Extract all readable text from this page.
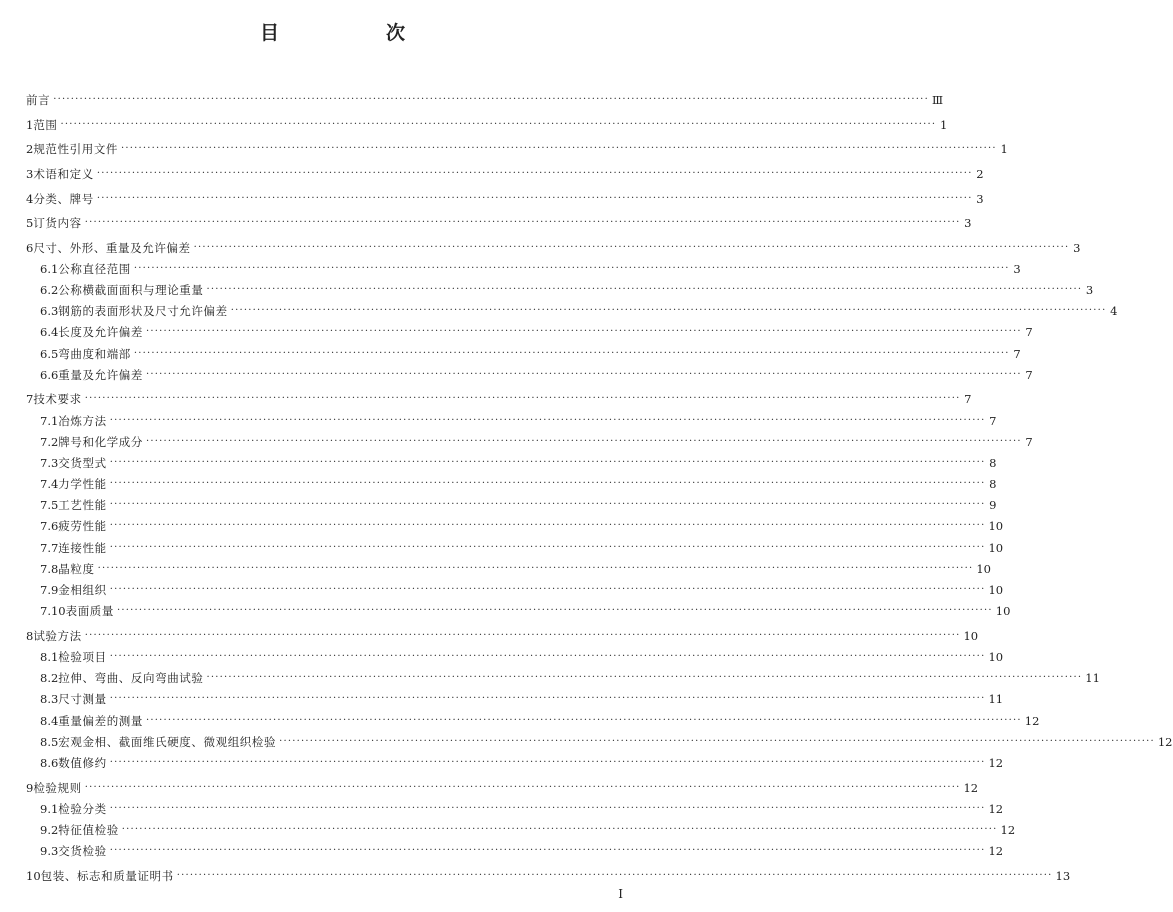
目　次
前言 ········································································································································································································ Ⅲ
1 范围 ········································································································································································································ 1
2 规范性引用文件 ········································································································································································································ 1
3 术语和定义 ········································································································································································································ 2
4 分类、牌号 ········································································································································································································ 3
5 订货内容 ········································································································································································································ 3
6 尺寸、外形、重量及允许偏差 ········································································································································································································ 3
6.1 公称直径范围 ········································································································································································································ 3
6.2 公称横截面面积与理论重量 ········································································································································································································ 3
6.3 钢筋的表面形状及尺寸允许偏差 ········································································································································································································ 4
6.4 长度及允许偏差 ········································································································································································································ 7
6.5 弯曲度和端部 ········································································································································································································ 7
6.6 重量及允许偏差 ········································································································································································································ 7
7 技术要求 ········································································································································································································ 7
7.1 冶炼方法 ········································································································································································································ 7
7.2 牌号和化学成分 ········································································································································································································ 7
7.3 交货型式 ········································································································································································································ 8
7.4 力学性能 ········································································································································································································ 8
7.5 工艺性能 ········································································································································································································ 9
7.6 疲劳性能 ········································································································································································································ 10
7.7 连接性能 ········································································································································································································ 10
7.8 晶粒度 ········································································································································································································ 10
7.9 金相组织 ········································································································································································································ 10
7.10 表面质量 ········································································································································································································ 10
8 试验方法 ········································································································································································································ 10
8.1 检验项目 ········································································································································································································ 10
8.2 拉伸、弯曲、反向弯曲试验 ········································································································································································································ 11
8.3 尺寸测量 ········································································································································································································ 11
8.4 重量偏差的测量 ········································································································································································································ 12
8.5 宏观金相、截面维氏硬度、微观组织检验 ········································································································································································································ 12
8.6 数值修约 ········································································································································································································ 12
9 检验规则 ········································································································································································································ 12
9.1 检验分类 ········································································································································································································ 12
9.2 特征值检验 ········································································································································································································ 12
9.3 交货检验 ········································································································································································································ 12
10 包装、标志和质量证明书 ········································································································································································································ 13
I
